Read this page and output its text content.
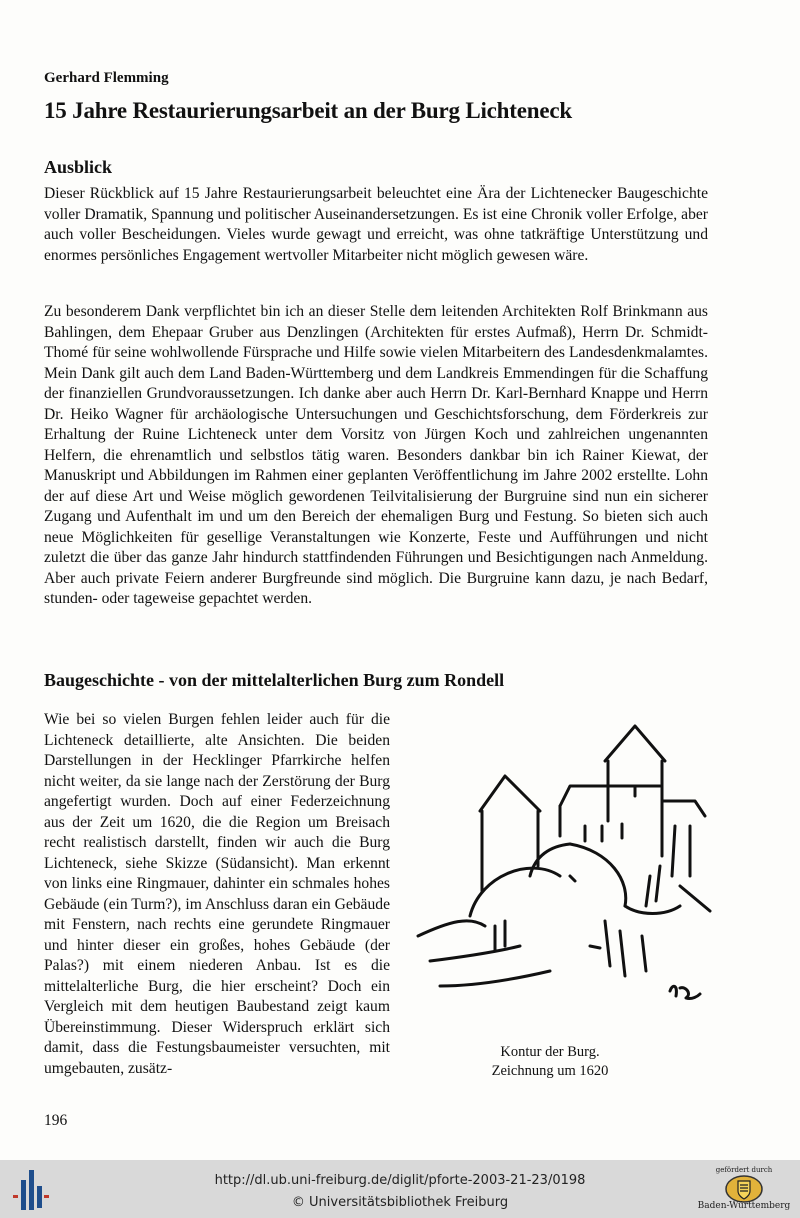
Gerhard Flemming
15 Jahre Restaurierungsarbeit an der Burg Lichteneck
Ausblick

Dieser Rückblick auf 15 Jahre Restaurierungsarbeit beleuchtet eine Ära der Lichtenecker Baugeschichte voller Dramatik, Spannung und politischer Auseinandersetzungen. Es ist eine Chronik voller Erfolge, aber auch voller Bescheidungen. Vieles wurde gewagt und erreicht, was ohne tatkräftige Unterstützung und enormes persönliches Engagement wertvoller Mitarbeiter nicht möglich gewesen wäre.

Zu besonderem Dank verpflichtet bin ich an dieser Stelle dem leitenden Architekten Rolf Brinkmann aus Bahlingen, dem Ehepaar Gruber aus Denzlingen (Architekten für erstes Aufmaß), Herrn Dr. Schmidt-Thomé für seine wohlwollende Fürsprache und Hilfe sowie vielen Mitarbeitern des Landesdenkmalamtes. Mein Dank gilt auch dem Land Baden-Württemberg und dem Landkreis Emmendingen für die Schaffung der finanziellen Grundvoraussetzungen. Ich danke aber auch Herrn Dr. Karl-Bernhard Knappe und Herrn Dr. Heiko Wagner für archäologische Untersuchungen und Geschichtsforschung, dem Förderkreis zur Erhaltung der Ruine Lichteneck unter dem Vorsitz von Jürgen Koch und zahlreichen ungenannten Helfern, die ehrenamtlich und selbstlos tätig waren. Besonders dankbar bin ich Rainer Kiewat, der Manuskript und Abbildungen im Rahmen einer geplanten Veröffentlichung im Jahre 2002 erstellte. Lohn der auf diese Art und Weise möglich gewordenen Teilvitalisierung der Burgruine sind nun ein sicherer Zugang und Aufenthalt im und um den Bereich der ehemaligen Burg und Festung. So bieten sich auch neue Möglichkeiten für gesellige Veranstaltungen wie Konzerte, Feste und Aufführungen und nicht zuletzt die über das ganze Jahr hindurch stattfindenden Führungen und Besichtigungen nach Anmeldung. Aber auch private Feiern anderer Burgfreunde sind möglich. Die Burgruine kann dazu, je nach Bedarf, stunden- oder tageweise gepachtet werden.

Baugeschichte - von der mittelalterlichen Burg zum Rondell

Wie bei so vielen Burgen fehlen leider auch für die Lichteneck detaillierte, alte Ansichten. Die beiden Darstellungen in der Hecklinger Pfarrkirche helfen nicht weiter, da sie lange nach der Zerstörung der Burg angefertigt wurden. Doch auf einer Federzeichnung aus der Zeit um 1620, die die Region um Breisach recht realistisch darstellt, finden wir auch die Burg Lichteneck, siehe Skizze (Südansicht). Man erkennt von links eine Ringmauer, dahinter ein schmales hohes Gebäude (ein Turm?), im Anschluss daran ein Gebäude mit Fenstern, nach rechts eine gerundete Ringmauer und hinter dieser ein großes, hohes Gebäude (der Palas?) mit einem niederen Anbau. Ist es die mittelalterliche Burg, die hier erscheint? Doch ein Vergleich mit dem heutigen Baubestand zeigt kaum Übereinstimmung. Dieser Widerspruch erklärt sich damit, dass die Festungsbaumeister versuchten, mit umgebauten, zusätz-

Kontur der Burg.
Zeichnung um 1620
196
http://dl.ub.uni-freiburg.de/diglit/pforte-2003-21-23/0198
© Universitätsbibliothek Freiburg
gefördert durch
Baden-Württemberg
